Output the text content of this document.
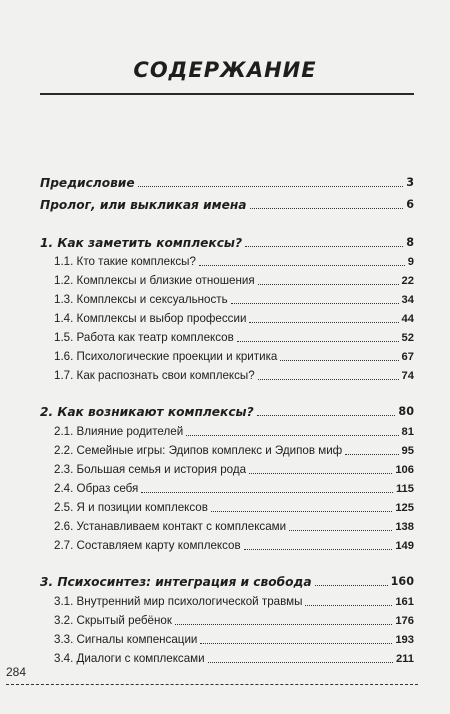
СОДЕРЖАНИЕ
Предисловие	3
Пролог, или выкликая имена	6
1. Как заметить комплексы?	8
1.1. Кто такие комплексы?	9
1.2. Комплексы и близкие отношения	22
1.3. Комплексы и сексуальность	34
1.4. Комплексы и выбор профессии	44
1.5. Работа как театр комплексов	52
1.6. Психологические проекции и критика	67
1.7. Как распознать свои комплексы?	74
2. Как возникают комплексы?	80
2.1. Влияние родителей	81
2.2. Семейные игры: Эдипов комплекс и Эдипов миф	95
2.3. Большая семья и история рода	106
2.4. Образ себя	115
2.5. Я и позиции комплексов	125
2.6. Устанавливаем контакт с комплексами	138
2.7. Составляем карту комплексов	149
3. Психосинтез: интеграция и свобода	160
3.1. Внутренний мир психологической травмы	161
3.2. Скрытый ребёнок	176
3.3. Сигналы компенсации	193
3.4. Диалоги с комплексами	211
284
